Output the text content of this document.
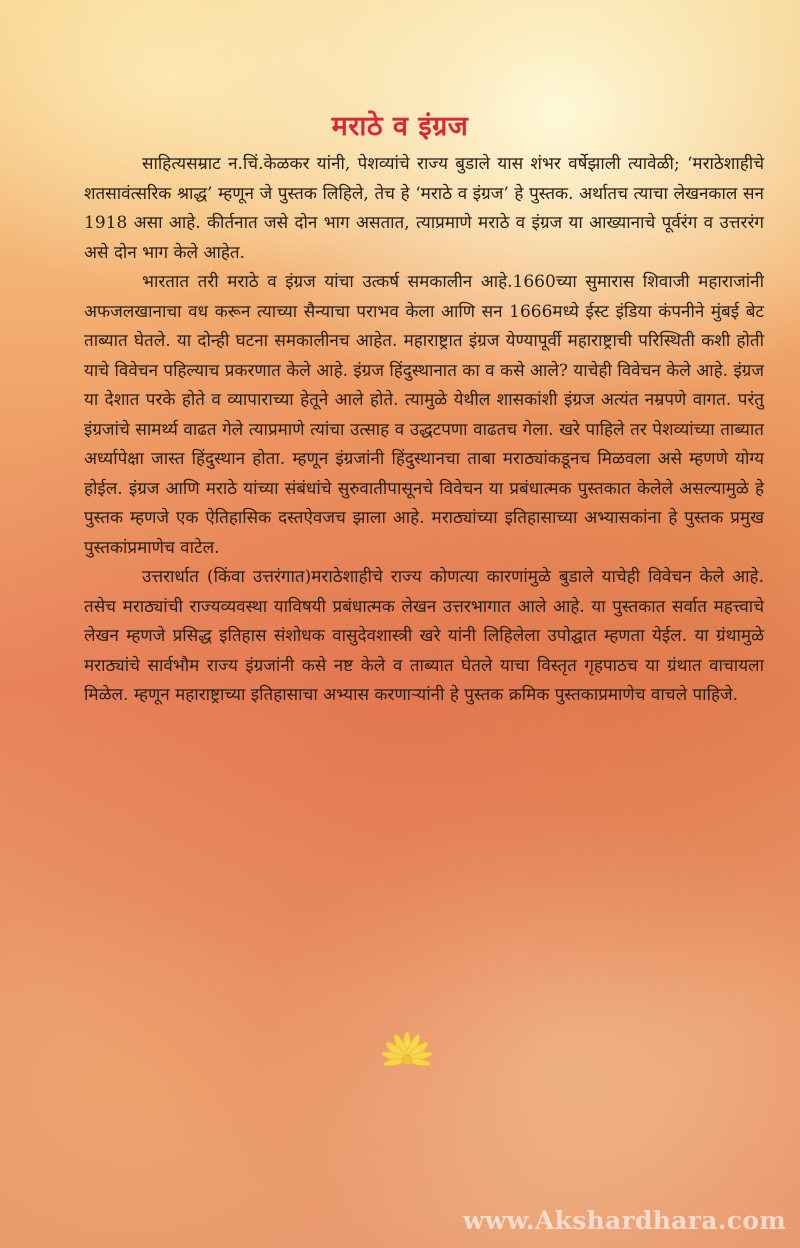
मराठे व इंग्रज

साहित्यसम्राट न.चिं.केळकर यांनी, पेशव्यांचे राज्य बुडाले यास शंभर वर्षेझाली त्यावेळी; ‘मराठेशाहीचे शतसावंत्सरिक श्राद्ध’ म्हणून जे पुस्तक लिहिले, तेच हे ‘मराठे व इंग्रज’ हे पुस्तक. अर्थातच त्याचा लेखनकाल सन 1918 असा आहे. कीर्तनात जसे दोन भाग असतात, त्याप्रमाणे मराठे व इंग्रज या आख्यानाचे पूर्वरंग व उत्तररंग असे दोन भाग केले आहेत.

भारतात तरी मराठे व इंग्रज यांचा उत्कर्ष समकालीन आहे.1660च्या सुमारास शिवाजी महाराजांनी अफजलखानाचा वध करून त्याच्या सैन्याचा पराभव केला आणि सन 1666मध्ये ईस्ट इंडिया कंपनीने मुंबई बेट ताब्यात घेतले. या दोन्ही घटना समकालीनच आहेत. महाराष्ट्रात इंग्रज येण्यापूर्वी महाराष्ट्राची परिस्थिती कशी होती याचे विवेचन पहिल्याच प्रकरणात केले आहे. इंग्रज हिंदुस्थानात का व कसे आले? याचेही विवेचन केले आहे. इंग्रज या देशात परके होते व व्यापाराच्या हेतूने आले होते. त्यामुळे येथील शासकांशी इंग्रज अत्यंत नम्रपणे वागत. परंतु इंग्रजांचे सामर्थ्य वाढत गेले त्याप्रमाणे त्यांचा उत्साह व उद्धटपणा वाढतच गेला. खरे पाहिले तर पेशव्यांच्या ताब्यात अर्ध्यापेक्षा जास्त हिंदुस्थान होता. म्हणून इंग्रजांनी हिंदुस्थानचा ताबा मराठ्यांकडूनच मिळवला असे म्हणणे योग्य होईल. इंग्रज आणि मराठे यांच्या संबंधांचे सुरुवातीपासूनचे विवेचन या प्रबंधात्मक पुस्तकात केलेले असल्यामुळे हे पुस्तक म्हणजे एक ऐतिहासिक दस्तऐवजच झाला आहे. मराठ्यांच्या इतिहासाच्या अभ्यासकांना हे पुस्तक प्रमुख पुस्तकांप्रमाणेच वाटेल.

उत्तरार्धात (किंवा उत्तरंगात)मराठेशाहीचे राज्य कोणत्या कारणांमुळे बुडाले याचेही विवेचन केले आहे. तसेच मराठ्यांची राज्यव्यवस्था याविषयी प्रबंधात्मक लेखन उत्तरभागात आले आहे. या पुस्तकात सर्वात महत्त्वाचे लेखन म्हणजे प्रसिद्ध इतिहास संशोधक वासुदेवशास्त्री खरे यांनी लिहिलेला उपोद्घात म्हणता येईल. या ग्रंथामुळे मराठ्यांचे सार्वभौम राज्य इंग्रजांनी कसे नष्ट केले व ताब्यात घेतले याचा विस्तृत गृहपाठच या ग्रंथात वाचायला मिळेल. म्हणून महाराष्ट्राच्या इतिहासाचा अभ्यास करणाऱ्यांनी हे पुस्तक क्रमिक पुस्तकाप्रमाणेच वाचले पाहिजे.

www.Akshardhara.com
